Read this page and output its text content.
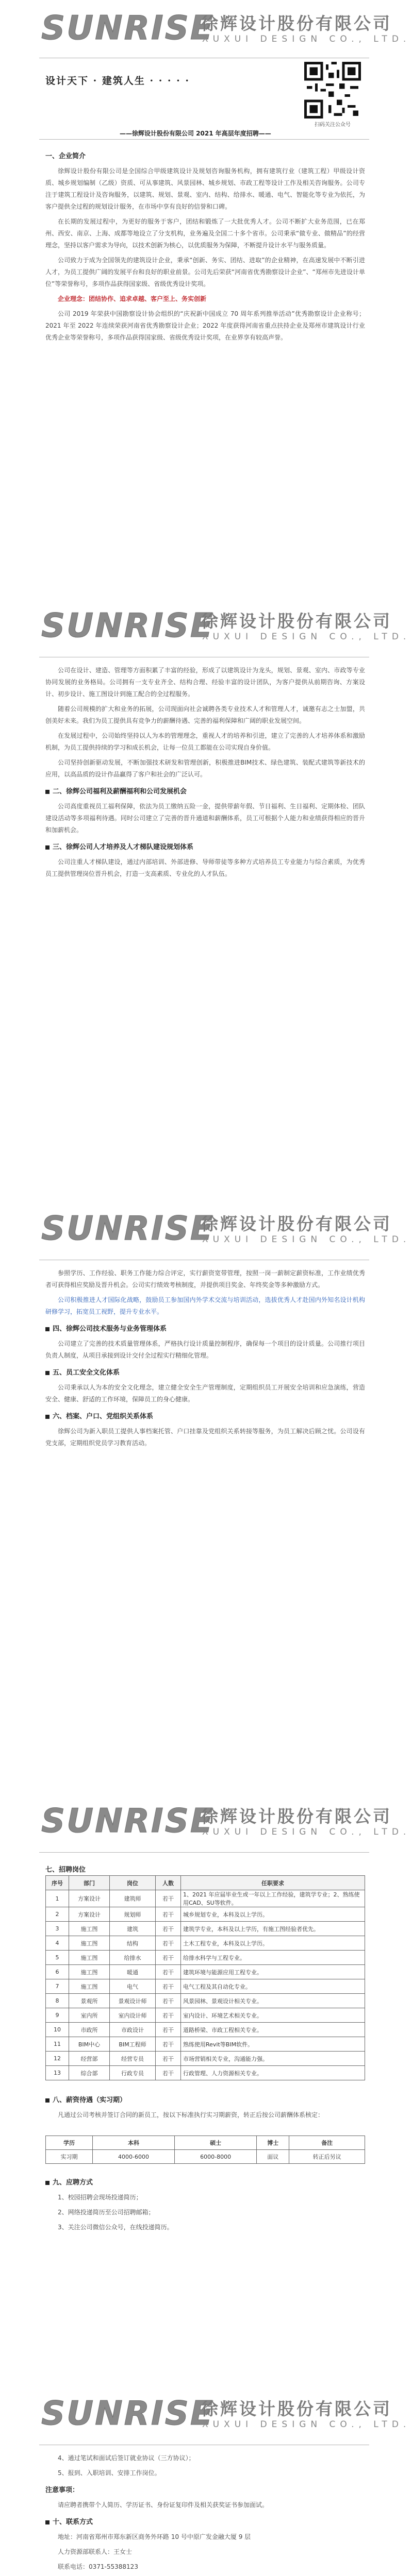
SUNRISE
徐辉设计股份有限公司
XUXUI DESIGN CO., LTD.
设计天下 · 建筑人生 · · · · ·
扫码关注公众号
——徐辉设计股份有限公司 2021 年高层年度招聘——
一、企业简介

徐辉设计股份有限公司是全国综合甲级建筑设计及规划咨询服务机构，拥有建筑行业（建筑工程）甲级设计资质、城乡规划编制（乙级）资质、可从事建筑、风景园林、城乡规划、市政工程等设计工作及相关咨询服务。公司专注于建筑工程设计及咨询服务，以建筑、规划、景观、室内、结构、给排水、暖通、电气、智能化等专业为依托，为客户提供全过程的规划设计服务，在市场中享有良好的信誉和口碑。

在长期的发展过程中，为更好的服务于客户，团结和锻炼了一大批优秀人才。公司不断扩大业务范围，已在郑州、西安、南京、上海、成都等地设立了分支机构，业务遍及全国二十多个省市。公司秉承“做专业、做精品”的经营理念，坚持以客户需求为导向，以技术创新为核心，以优质服务为保障，不断提升设计水平与服务质量。

公司致力于成为全国领先的建筑设计企业，秉承“创新、务实、团结、进取”的企业精神，在高速发展中不断引进人才，为员工提供广阔的发展平台和良好的职业前景。公司先后荣获“河南省优秀勘察设计企业”、“郑州市先进设计单位”等荣誉称号，多项作品获得国家级、省级优秀设计奖项。

企业理念：团结协作、追求卓越、客户至上、务实创新

公司 2019 年荣获中国勘察设计协会组织的“庆祝新中国成立 70 周年系列推举活动”优秀勘察设计企业称号；2021 年至 2022 年连续荣获河南省优秀勘察设计企业；2022 年度获得河南省重点扶持企业及郑州市建筑设计行业优秀企业等荣誉称号，多项作品获得国家级、省级优秀设计奖项，在业界享有较高声誉。

SUNRISE
徐辉设计股份有限公司
XUXUI DESIGN CO., LTD.

公司在设计、建造、管理等方面积累了丰富的经验，形成了以建筑设计为龙头，规划、景观、室内、市政等专业协同发展的业务格局。公司拥有一支专业齐全、结构合理、经验丰富的设计团队，为客户提供从前期咨询、方案设计、初步设计、施工图设计到施工配合的全过程服务。

随着公司规模的扩大和业务的拓展，公司现面向社会诚聘各类专业技术人才和管理人才，诚邀有志之士加盟，共创美好未来。我们为员工提供具有竞争力的薪酬待遇、完善的福利保障和广阔的职业发展空间。

在发展过程中，公司始终坚持以人为本的管理理念，重视人才的培养和引进，建立了完善的人才培养体系和激励机制，为员工提供持续的学习和成长机会，让每一位员工都能在公司实现自身价值。

公司坚持创新驱动发展，不断加强技术研发和管理创新，积极推进BIM技术、绿色建筑、装配式建筑等新技术的应用，以高品质的设计作品赢得了客户和社会的广泛认可。

二、徐辉公司福利及薪酬福利和公司发展机会

公司高度重视员工福利保障，依法为员工缴纳五险一金，提供带薪年假、节日福利、生日福利、定期体检、团队建设活动等多项福利待遇。同时公司建立了完善的晋升通道和薪酬体系，员工可根据个人能力和业绩获得相应的晋升和加薪机会。

三、徐辉公司人才培养及人才梯队建设规划体系

公司注重人才梯队建设，通过内部培训、外部进修、导师带徒等多种方式培养员工专业能力与综合素质，为优秀员工提供管理岗位晋升机会，打造一支高素质、专业化的人才队伍。

SUNRISE
徐辉设计股份有限公司
XUXUI DESIGN CO., LTD.

参照学历、工作经验、职务工作能力综合评定，实行薪资宽带管理，按照一岗一薪制定薪资标准，工作业绩优秀者可获得相应奖励及晋升机会。公司实行绩效考核制度，并提供项目奖金、年终奖金等多种激励方式。

公司积极推进人才国际化战略，鼓励员工参加国内外学术交流与培训活动，选拔优秀人才赴国内外知名设计机构研修学习，拓宽员工视野，提升专业水平。

四、徐辉公司技术服务与业务管理体系

公司建立了完善的技术质量管理体系，严格执行设计质量控制程序，确保每一个项目的设计质量。公司推行项目负责人制度，从项目承接到设计交付全过程实行精细化管理。

五、员工安全文化体系

公司秉承以人为本的安全文化理念，建立健全安全生产管理制度，定期组织员工开展安全培训和应急演练，营造安全、健康、舒适的工作环境，保障员工的身心健康。

六、档案、户口、党组织关系体系

徐辉公司为新入职员工提供人事档案托管、户口挂靠及党组织关系转接等服务，为员工解决后顾之忧。公司设有党支部，定期组织党员学习教育活动。

SUNRISE
徐辉设计股份有限公司
XUXUI DESIGN CO., LTD.
七、招聘岗位
序号	部门	岗位	人数	任职要求
1	方案设计	建筑师	若干	1、2021 年应届毕业生或一年以上工作经验，建筑学专业；2、熟练使用CAD、SU等软件。
2	方案设计	规划师	若干	城乡规划专业，本科及以上学历。
3	施工图	建筑	若干	建筑学专业，本科及以上学历，有施工图经验者优先。
4	施工图	结构	若干	土木工程专业，本科及以上学历。
5	施工图	给排水	若干	给排水科学与工程专业。
6	施工图	暖通	若干	建筑环境与能源应用工程专业。
7	施工图	电气	若干	电气工程及其自动化专业。
8	景观所	景观设计师	若干	风景园林、景观设计相关专业。
9	室内所	室内设计师	若干	室内设计、环境艺术相关专业。
10	市政所	市政设计	若干	道路桥梁、市政工程相关专业。
11	BIM中心	BIM工程师	若干	熟练使用Revit等BIM软件。
12	经营部	经营专员	若干	市场营销相关专业，沟通能力强。
13	综合部	行政专员	若干	行政管理、人力资源相关专业。
八、薪资待遇（实习期）

凡通过公司考核并签订合同的新员工，按以下标准执行实习期薪资，转正后按公司薪酬体系核定：

学历	本科	硕士	博士	备注
实习期	4000-6000	6000-8000	面议	转正后另议
九、应聘方式

1、校园招聘会现场投递简历；

2、网络投递简历至公司招聘邮箱；

3、关注公司微信公众号，在线投递简历。

SUNRISE
徐辉设计股份有限公司
XUXUI DESIGN CO., LTD.

4、通过笔试和面试后签订就业协议（三方协议）；

5、报到、入职培训、安排工作岗位。

注意事项：

请应聘者携带个人简历、学历证书、身份证复印件及相关获奖证书参加面试。

十、联系方式

地址：河南省郑州市郑东新区商务外环路 10 号中原广发金融大厦 9 层

人力资源部联系人：王女士

联系电话：0371-55388123
